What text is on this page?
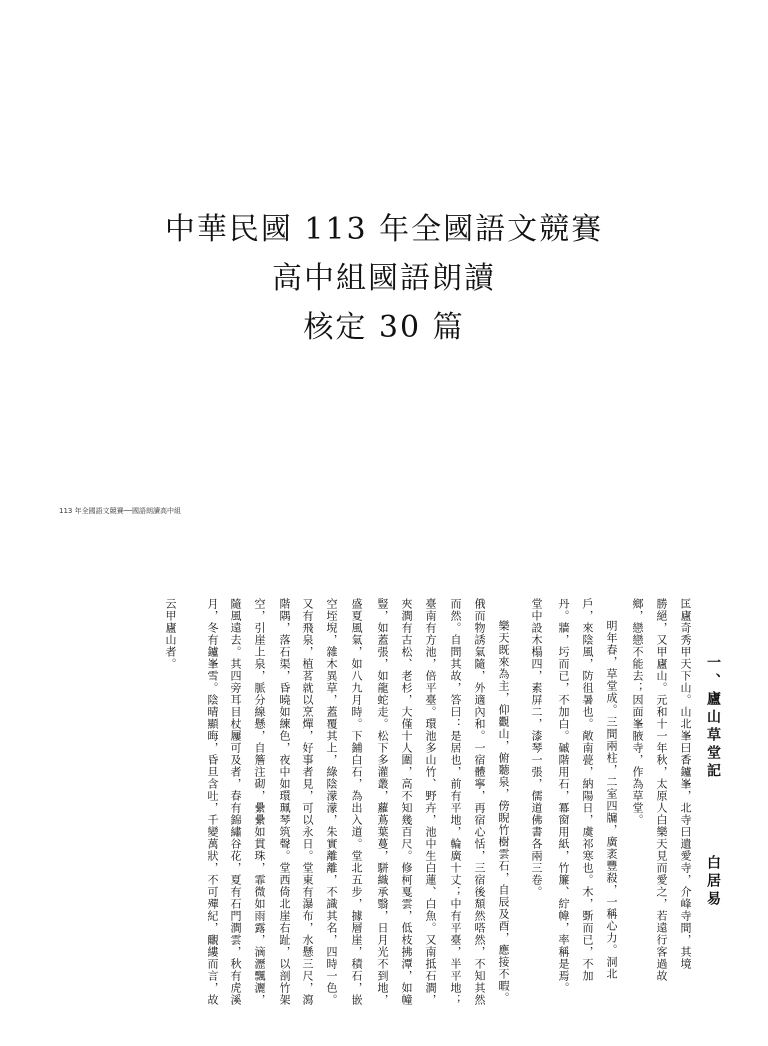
中華民國 113 年全國語文競賽
高中組國語朗讀
核定 30 篇
113 年全國語文競賽──國語朗讀高中組
一、廬山草堂記
白居易
匡廬奇秀甲天下山。山北峯曰香鑪峯，北寺曰遺愛寺，介峰寺間，其境
勝絕，又甲廬山。元和十一年秋，太原人白樂天見而愛之，若遠行客過故
鄉，戀戀不能去；因面峯腋寺，作為草堂。
明年春，草堂成。三間兩柱，二室四牖，廣袤豐殺，一稱心力。洞北
戶，來陰風，防徂暑也。敞南甍，納陽日，虞祁寒也。木，斲而已，不加
丹。牆，圬而已，不加白。磩階用石，冪窗用紙，竹簾、紵幃，率稱是焉。
堂中設木榻四，素屏二，漆琴一張，儒道佛書各兩三卷。
樂天既來為主，仰觀山，俯聽泉，傍睨竹樹雲石，自辰及酉，應接不暇。
俄而物誘氣隨，外適內和。一宿體寧，再宿心恬，三宿後頹然嗒然，不知其然
而然。自問其故，答曰：是居也，前有平地，輪廣十丈；中有平臺，半平地；
臺南有方池，倍平臺。環池多山竹、野卉，池中生白蓮、白魚。又南抵石澗，
夾澗有古松、老杉，大僅十人圍，高不知幾百尺。修柯戛雲，低枝拂潭，如幢
豎，如蓋張，如龍蛇走。松下多灌叢，蘿蔦葉蔓，駢織承翳，日月光不到地，
盛夏風氣，如八九月時。下鋪白石，為出入道。堂北五步，據層崖，積石，嵌
空垤堄，雜木異草，蓋覆其上，綠陰濛濛，朱實離離，不識其名，四時一色。
又有飛泉，植茗就以烹燀，好事者見，可以永日。堂東有瀑布，水懸三尺，瀉
階隅，落石渠，昏曉如練色，夜中如環珮琴筑聲。堂西倚北崖右趾，以剖竹架
空，引崖上泉，脈分線懸，自簷注砌，纍纍如貫珠，霏微如雨露，滴瀝飄灑，
隨風遠去。其四旁耳目杖屨可及者，春有錦繡谷花，夏有石門澗雲，秋有虎溪
月，冬有鑪峯雪。陰晴顯晦，昏旦含吐，千變萬狀，不可殫紀，覼縷而言，故
云甲廬山者。
